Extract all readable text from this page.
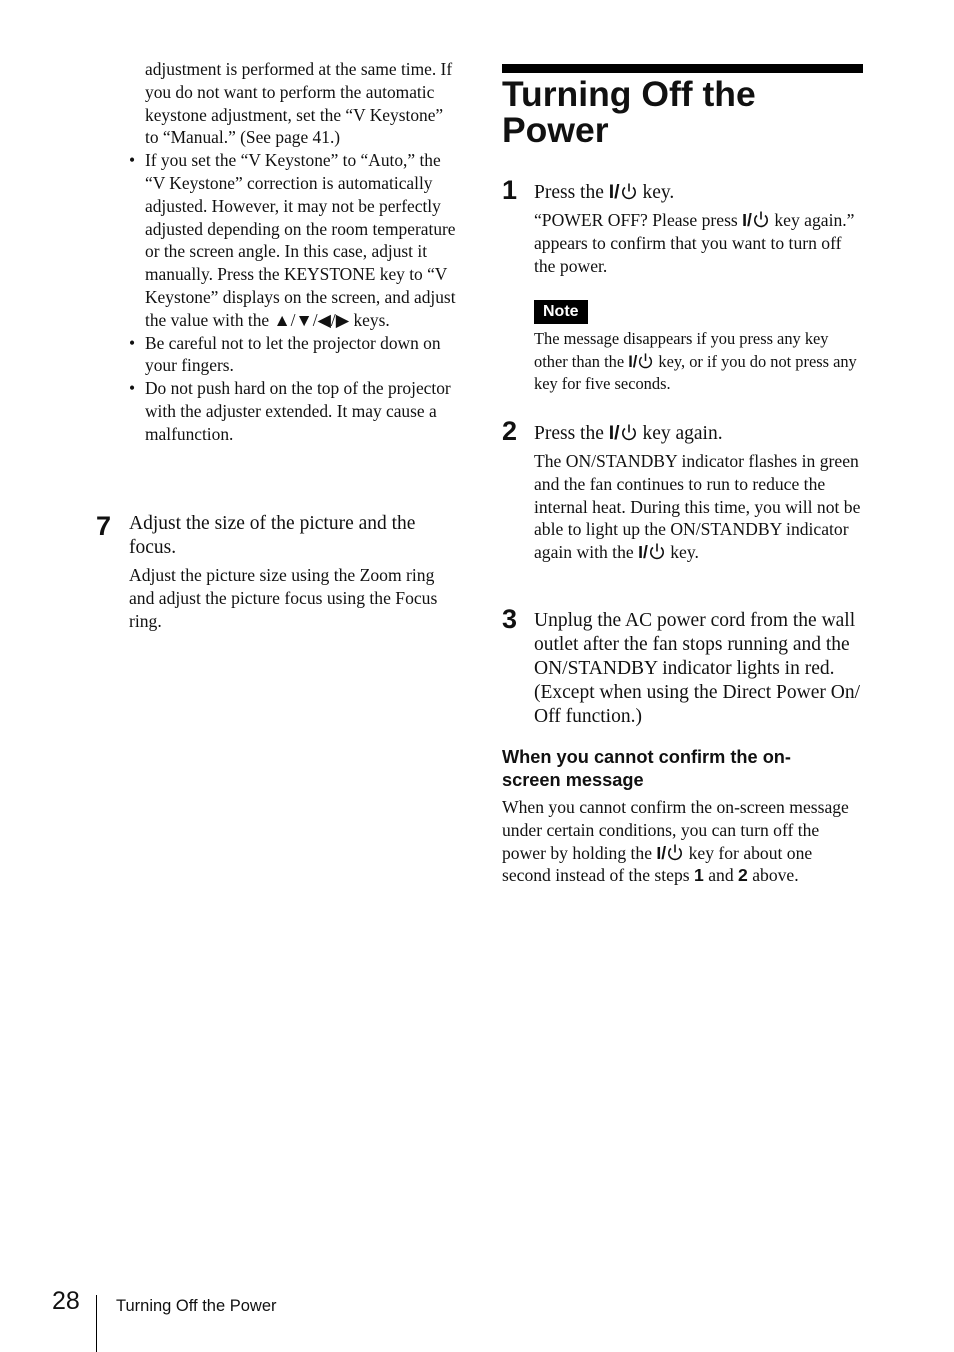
adjustment is performed at the same time. If you do not want to perform the automatic keystone adjustment, set the “V Keystone” to “Manual.” (See page 41.)
• If you set the “V Keystone” to “Auto,” the “V Keystone” correction is automatically adjusted. However, it may not be perfectly adjusted depending on the room temperature or the screen angle. In this case, adjust it manually. Press the KEYSTONE key to “V Keystone” displays on the screen, and adjust the value with the ▲/▼/◀/▶ keys.
• Be careful not to let the projector down on your fingers.
• Do not push hard on the top of the projector with the adjuster extended. It may cause a malfunction.
7 Adjust the size of the picture and the focus.
Adjust the picture size using the Zoom ring and adjust the picture focus using the Focus ring.
Turning Off the Power
1 Press the I/ key.
“POWER OFF? Please press I/ key again.” appears to confirm that you want to turn off the power.
Note
The message disappears if you press any key other than the I/ key, or if you do not press any key for five seconds.
2 Press the I/ key again.
The ON/STANDBY indicator flashes in green and the fan continues to run to reduce the internal heat. During this time, you will not be able to light up the ON/STANDBY indicator again with the I/ key.
3 Unplug the AC power cord from the wall outlet after the fan stops running and the ON/STANDBY indicator lights in red. (Except when using the Direct Power On/ Off function.)
When you cannot confirm the on-screen message
When you cannot confirm the on-screen message under certain conditions, you can turn off the power by holding the I/ key for about one second instead of the steps 1 and 2 above.
28 Turning Off the Power
